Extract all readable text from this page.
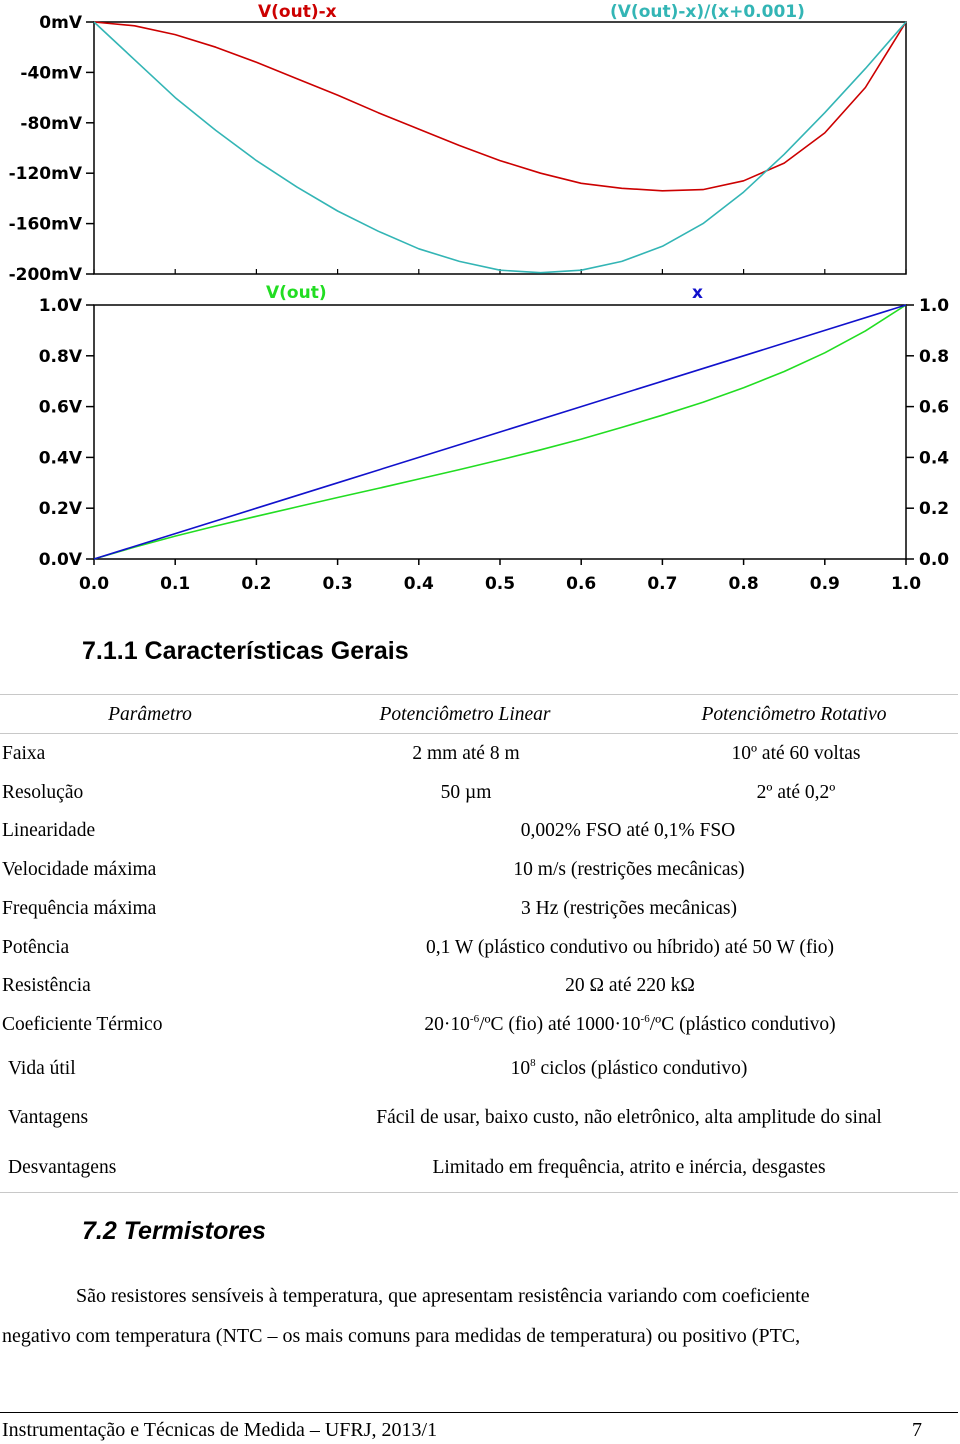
V(out)-x	(V(out)-x)/(x+0.001)
V(out)	x
0mV
-40mV
-80mV
-120mV
-160mV
-200mV
1.0V
0.8V
0.6V
0.4V
0.2V
0.0V
1.0
0.8
0.6
0.4
0.2
0.0
0.0	0.1	0.2	0.3	0.4	0.5	0.6	0.7	0.8	0.9	1.0
7.1.1 Características Gerais
Parâmetro	Potenciômetro Linear	Potenciômetro Rotativo
Faixa	2 mm até 8 m	10º até 60 voltas
Resolução	50 µm	2º até 0,2º
Linearidade	0,002% FSO até 0,1% FSO
Velocidade máxima	10 m/s (restrições mecânicas)
Frequência máxima	3 Hz (restrições mecânicas)
Potência	0,1 W (plástico condutivo ou híbrido) até 50 W (fio)
Resistência	20 Ω até 220 kΩ
Coeficiente Térmico	$20\cdot 10^{-6}/ºC$ (fio) até $1000\cdot 10^{-6}/ºC$ (plástico condutivo)
Vida útil	$10^8$ ciclos (plástico condutivo)
Vantagens	Fácil de usar, baixo custo, não eletrônico, alta amplitude do sinal
Desvantagens	Limitado em frequência, atrito e inércia, desgastes
7.2 Termistores
São resistores sensíveis à temperatura, que apresentam resistência variando com coeficiente
negativo com temperatura (NTC – os mais comuns para medidas de temperatura) ou positivo (PTC,
Instrumentação e Técnicas de Medida – UFRJ, 2013/1	7
